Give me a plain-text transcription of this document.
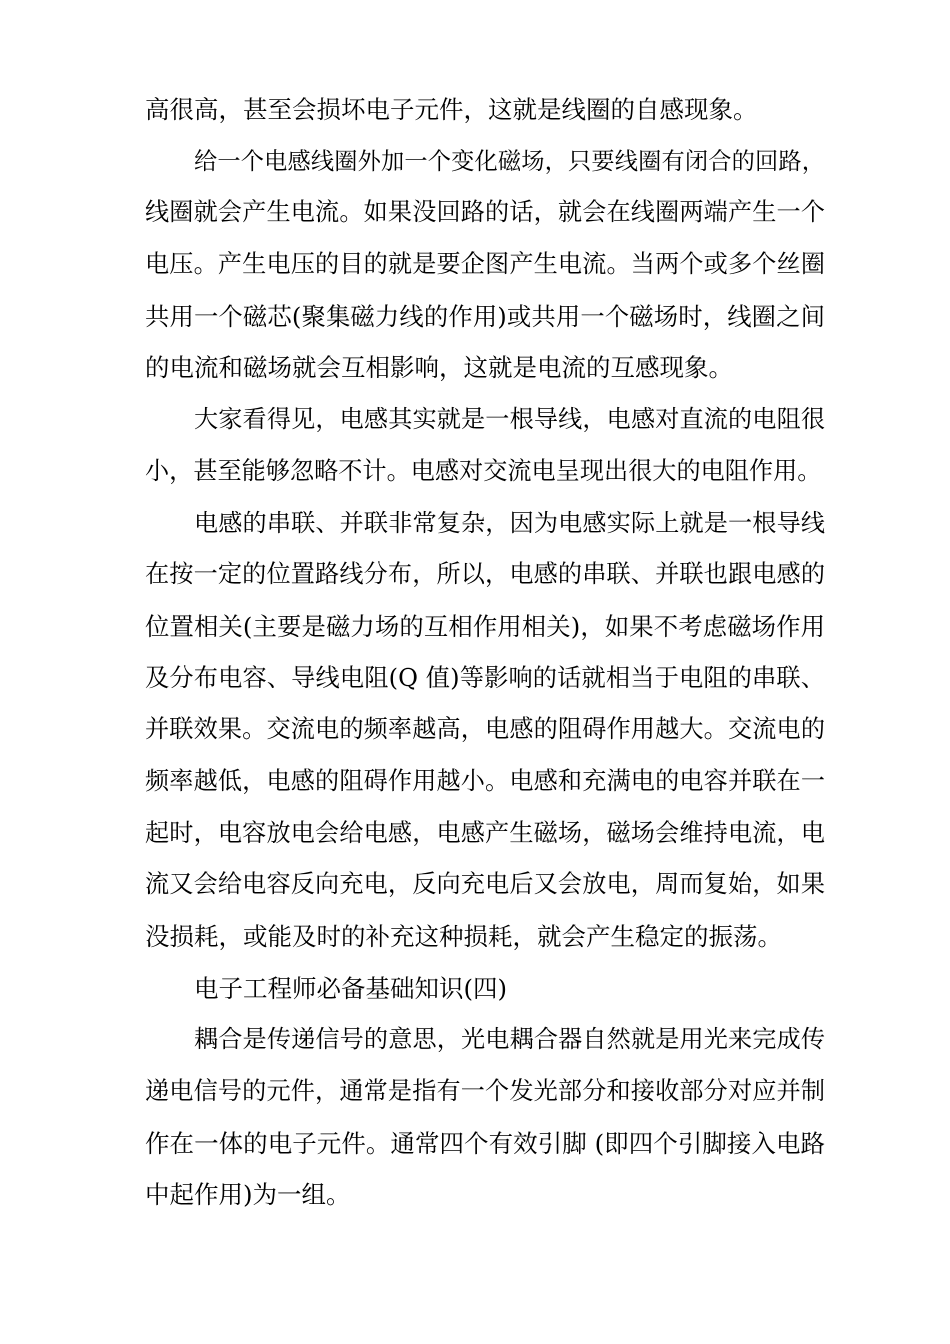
高很高，甚至会损坏电子元件，这就是线圈的自感现象。
给一个电感线圈外加一个变化磁场，只要线圈有闭合的回路，
线圈就会产生电流。如果没回路的话，就会在线圈两端产生一个
电压。产生电压的目的就是要企图产生电流。当两个或多个丝圈
共用一个磁芯(聚集磁力线的作用)或共用一个磁场时，线圈之间
的电流和磁场就会互相影响，这就是电流的互感现象。
大家看得见，电感其实就是一根导线，电感对直流的电阻很
小，甚至能够忽略不计。电感对交流电呈现出很大的电阻作用。
电感的串联、并联非常复杂，因为电感实际上就是一根导线
在按一定的位置路线分布，所以，电感的串联、并联也跟电感的
位置相关(主要是磁力场的互相作用相关)，如果不考虑磁场作用
及分布电容、导线电阻(Q 值)等影响的话就相当于电阻的串联、
并联效果。交流电的频率越高，电感的阻碍作用越大。交流电的
频率越低，电感的阻碍作用越小。电感和充满电的电容并联在一
起时，电容放电会给电感，电感产生磁场，磁场会维持电流，电
流又会给电容反向充电，反向充电后又会放电，周而复始，如果
没损耗，或能及时的补充这种损耗，就会产生稳定的振荡。
电子工程师必备基础知识(四)
耦合是传递信号的意思，光电耦合器自然就是用光来完成传
递电信号的元件，通常是指有一个发光部分和接收部分对应并制
作在一体的电子元件。通常四个有效引脚 (即四个引脚接入电路
中起作用)为一组。
